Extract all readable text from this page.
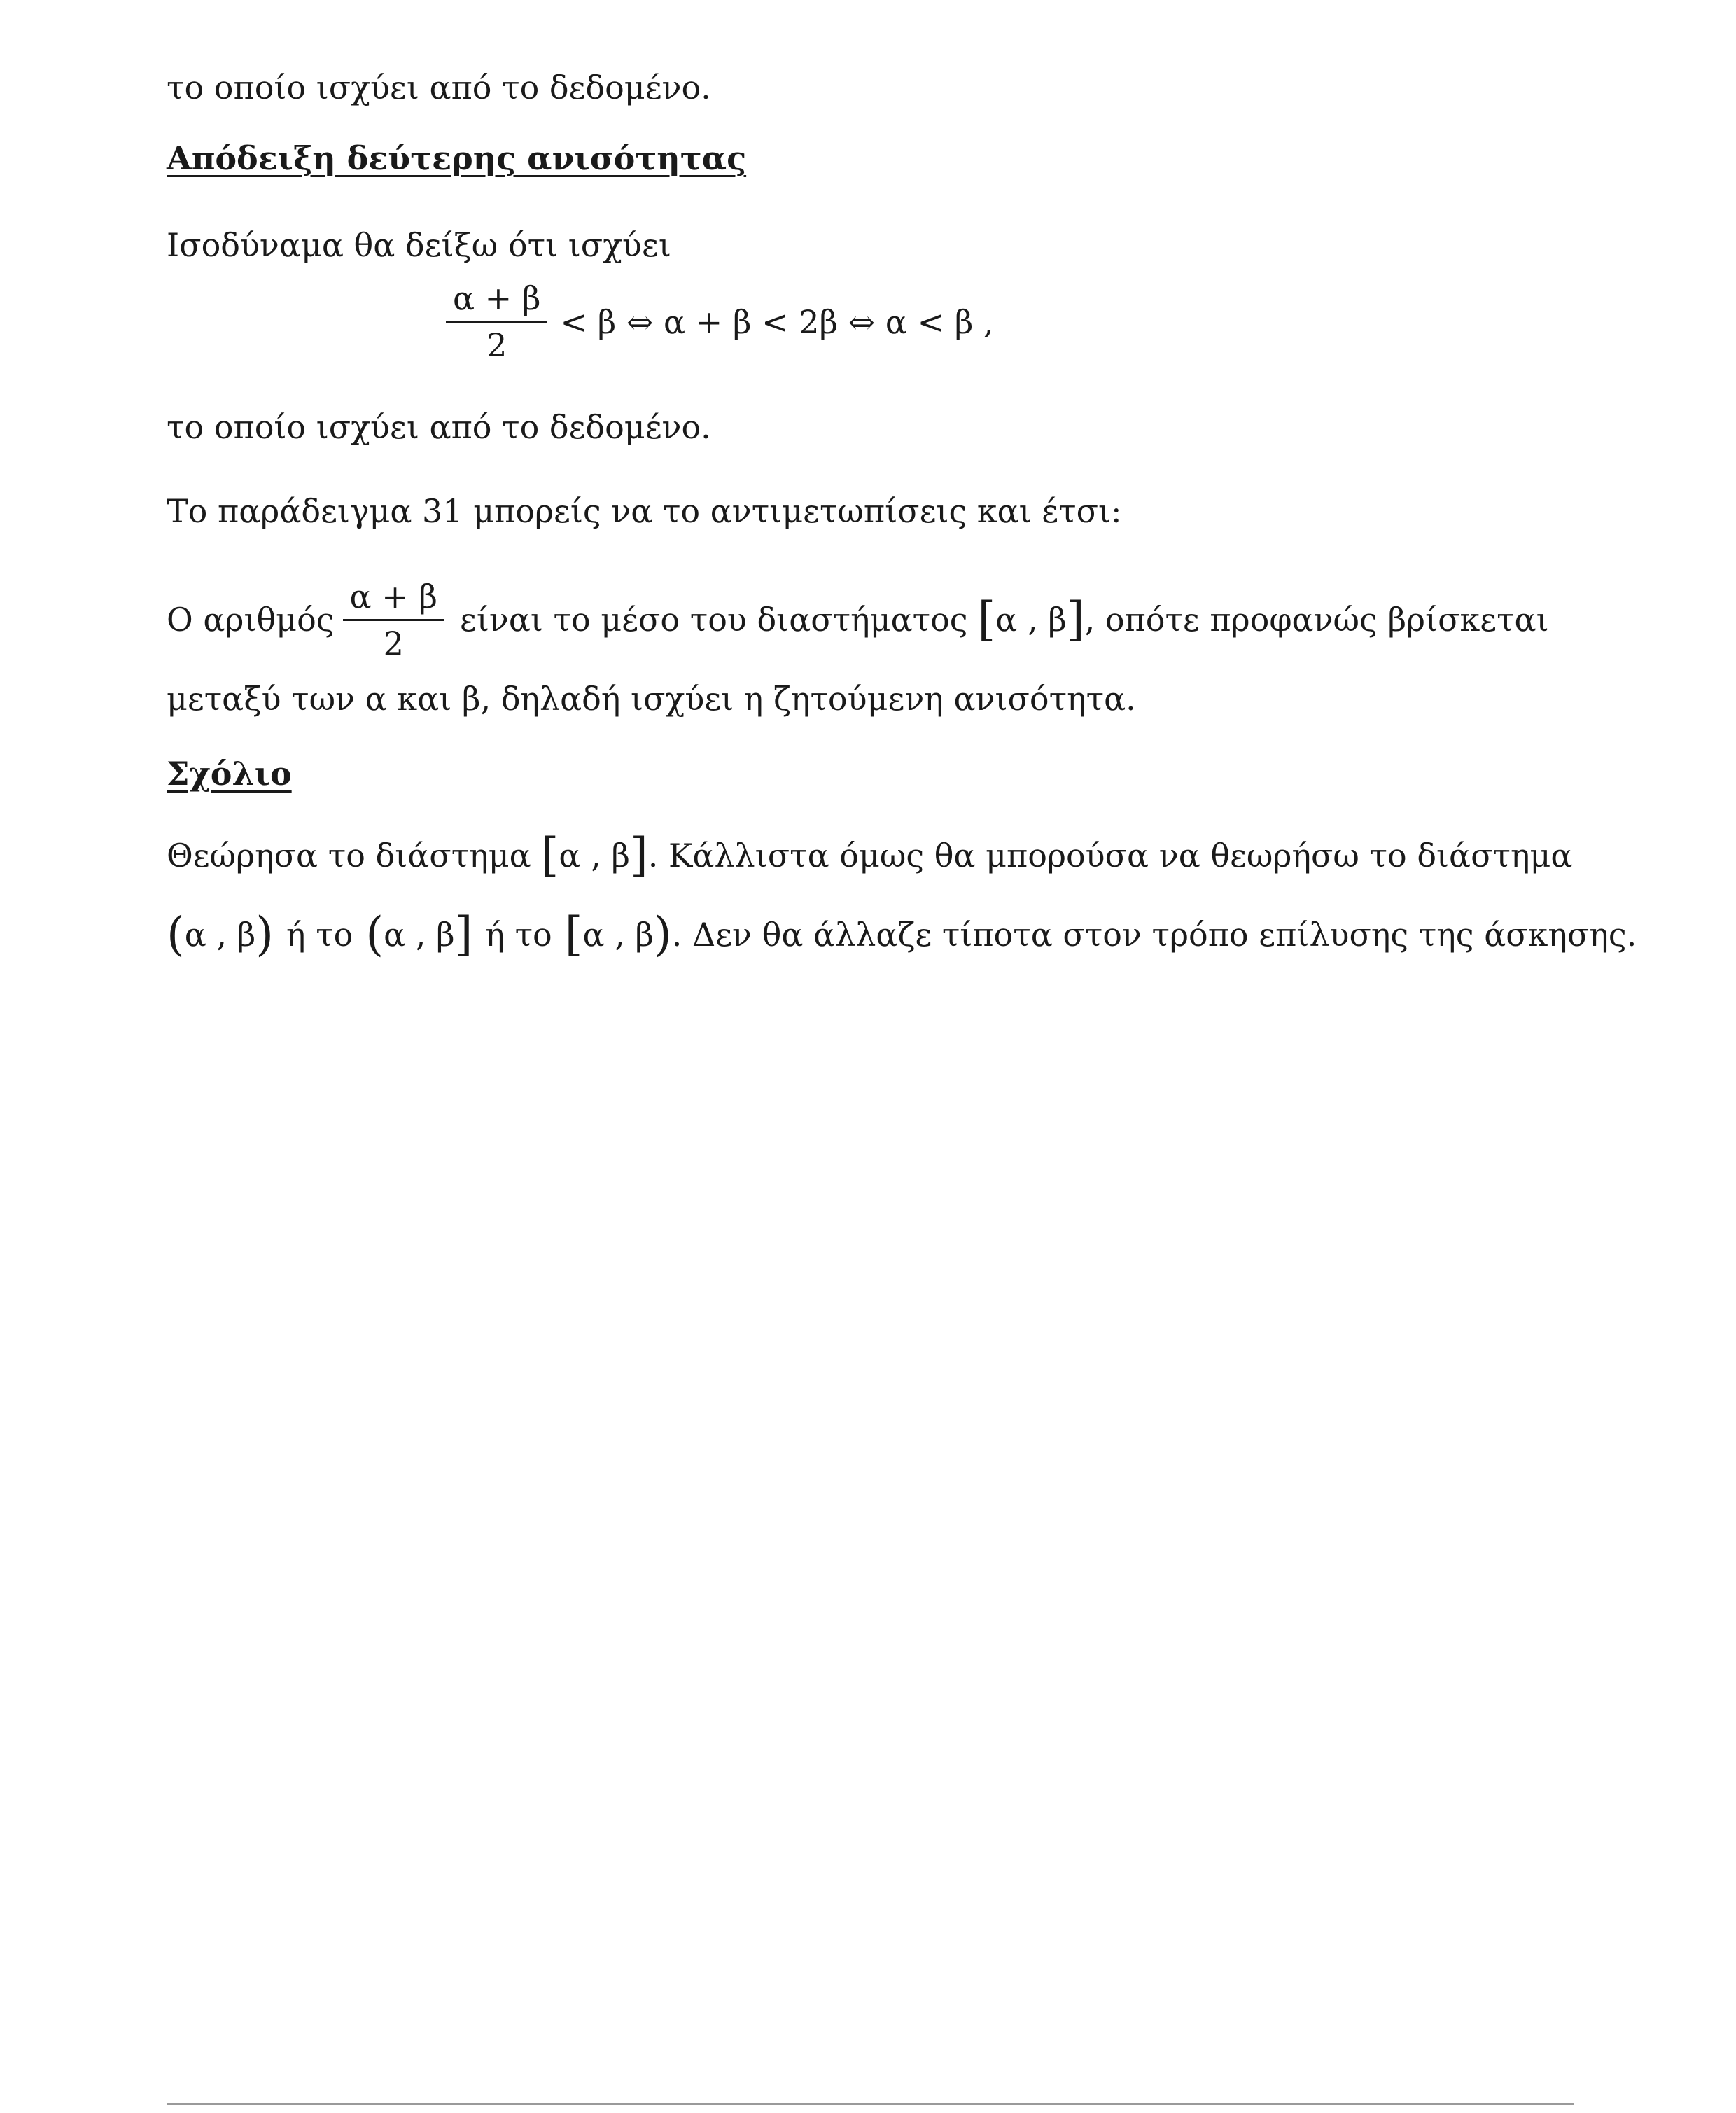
το οποίο ισχύει από το δεδομένο.
Απόδειξη δεύτερης ανισότητας
Ισοδύναμα θα δείξω ότι ισχύει
το οποίο ισχύει από το δεδομένο.
Το παράδειγμα 31 μπορείς να το αντιμετωπίσεις και έτσι:
Ο αριθμός $\frac{\alpha + \beta}{2}$ είναι το μέσο του διαστήματος [ α , β ] , οπότε προφανώς βρίσκεται
μεταξύ των α και β, δηλαδή ισχύει η ζητούμενη ανισότητα.
Σχόλιο
Θεώρησα το διάστημα [ α , β ] . Κάλλιστα όμως θα μπορούσα να θεωρήσω το διάστημα
( α , β ) ή το ( α , β ] ή το [ α , β ) . Δεν θα άλλαζε τίποτα στον τρόπο επίλυσης της άσκησης.
$\frac{\alpha + \beta}{2} < \beta$ ⇔ α + β < 2β ⇔ α < β ,
